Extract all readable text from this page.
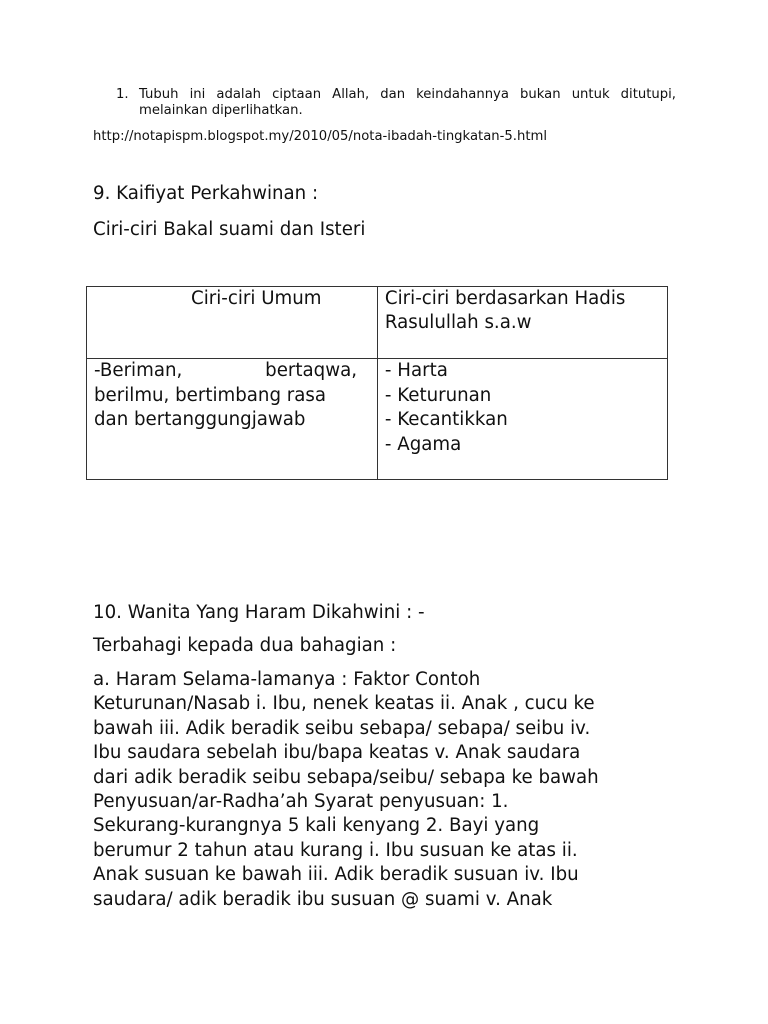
1. Tubuh ini adalah ciptaan Allah, dan keindahannya bukan untuk ditutupi, melainkan diperlihatkan.
http://notapispm.blogspot.my/2010/05/nota-ibadah-tingkatan-5.html
9. Kaifiyat Perkahwinan :
Ciri-ciri Bakal suami dan Isteri
Ciri-ciri Umum	Ciri-ciri berdasarkan Hadis
Rasulullah s.a.w

-Beriman, bertaqwa,
berilmu, bertimbang rasa
dan bertanggungjawab	- Harta
- Keturunan
- Kecantikkan
- Agama
10. Wanita Yang Haram Dikahwini : -
Terbahagi kepada dua bahagian :
a. Haram Selama-lamanya : Faktor Contoh
Keturunan/Nasab i. Ibu, nenek keatas ii. Anak , cucu ke
bawah iii. Adik beradik seibu sebapa/ sebapa/ seibu iv.
Ibu saudara sebelah ibu/bapa keatas v. Anak saudara
dari adik beradik seibu sebapa/seibu/ sebapa ke bawah
Penyusuan/ar-Radha’ah Syarat penyusuan: 1.
Sekurang-kurangnya 5 kali kenyang 2. Bayi yang
berumur 2 tahun atau kurang i. Ibu susuan ke atas ii.
Anak susuan ke bawah iii. Adik beradik susuan iv. Ibu
saudara/ adik beradik ibu susuan @ suami v. Anak
